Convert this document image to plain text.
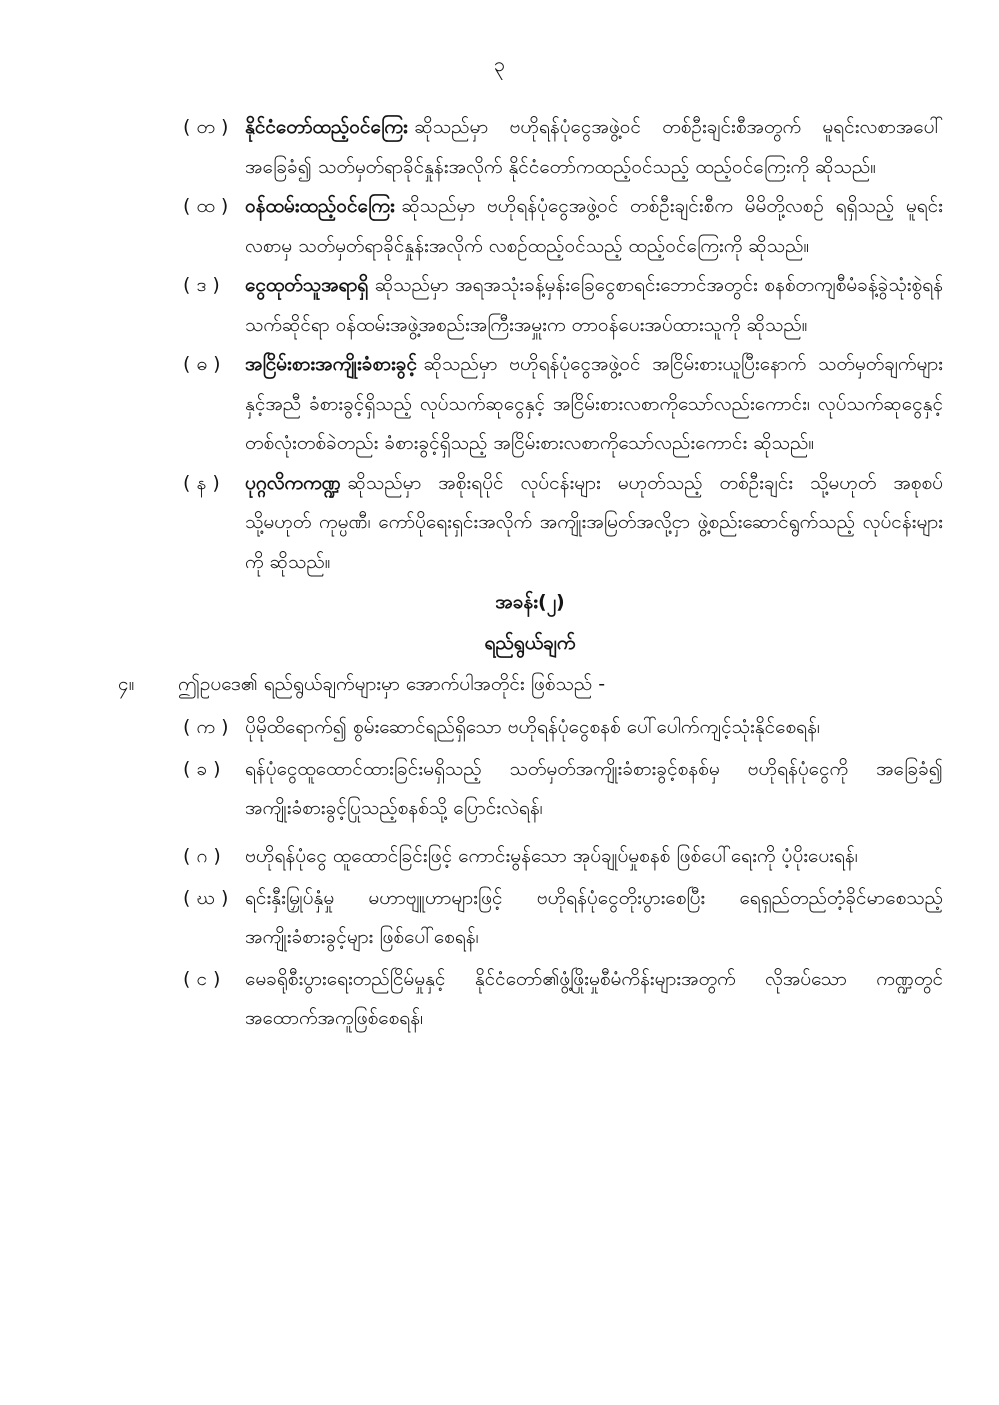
၃
( တ ) နိုင်ငံတော်ထည့်ဝင်ကြေး ဆိုသည်မှာ ဗဟိုရန်ပုံငွေအဖွဲ့ဝင် တစ်ဦးချင်းစီအတွက် မူရင်းလစာအပေါ်အခြေခံ၍ သတ်မှတ်ရာခိုင်နှုန်းအလိုက် နိုင်ငံတော်ကထည့်ဝင်သည့် ထည့်ဝင်ကြေးကို ဆိုသည်။
( ထ ) ဝန်ထမ်းထည့်ဝင်ကြေး ဆိုသည်မှာ ဗဟိုရန်ပုံငွေအဖွဲ့ဝင် တစ်ဦးချင်းစီက မိမိတို့လစဉ် ရရှိသည့် မူရင်းလစာမှ သတ်မှတ်ရာခိုင်နှုန်းအလိုက် လစဉ်ထည့်ဝင်သည့် ထည့်ဝင်ကြေးကို ဆိုသည်။
( ဒ )	ငွေထုတ်သူအရာရှိ ဆိုသည်မှာ အရအသုံးခန့်မှန်းခြေငွေစာရင်းဘောင်အတွင်း စနစ်တကျစီမံခန့်ခွဲသုံးစွဲရန် သက်ဆိုင်ရာ ဝန်ထမ်းအဖွဲ့အစည်းအကြီးအမှူးက တာဝန်ပေးအပ်ထားသူကို ဆိုသည်။
( ဓ )	အငြိမ်းစားအကျိုးခံစားခွင့် ဆိုသည်မှာ ဗဟိုရန်ပုံငွေအဖွဲ့ဝင် အငြိမ်းစားယူပြီးနောက် သတ်မှတ်ချက်များနှင့်အညီ ခံစားခွင့်ရှိသည့် လုပ်သက်ဆုငွေနှင့် အငြိမ်းစားလစာကိုသော်လည်းကောင်း၊ လုပ်သက်ဆုငွေနှင့် တစ်လုံးတစ်ခဲတည်း ခံစားခွင့်ရှိသည့် အငြိမ်းစားလစာကိုသော်လည်းကောင်း ဆိုသည်။
( န )	ပုဂ္ဂလိကကဏ္ဍ ဆိုသည်မှာ အစိုးရပိုင် လုပ်ငန်းများ မဟုတ်သည့် တစ်ဦးချင်း သို့မဟုတ် အစုစပ် သို့မဟုတ် ကုမ္ပဏီ၊ ကော်ပိုရေးရှင်းအလိုက် အကျိုးအမြတ်အလို့ငှာ ဖွဲ့စည်းဆောင်ရွက်သည့် လုပ်ငန်းများကို ဆိုသည်။
အခန်း(၂)
ရည်ရွယ်ချက်
၄။	ဤဥပဒေ၏ ရည်ရွယ်ချက်များမှာ အောက်ပါအတိုင်း ဖြစ်သည် -
( က ) ပိုမိုထိရောက်၍ စွမ်းဆောင်ရည်ရှိသော ဗဟိုရန်ပုံငွေစနစ် ပေါ်ပေါက်ကျင့်သုံးနိုင်စေရန်၊
( ခ )	ရန်ပုံငွေထူထောင်ထားခြင်းမရှိသည့် သတ်မှတ်အကျိုးခံစားခွင့်စနစ်မှ ဗဟိုရန်ပုံငွေကို အခြေခံ၍ အကျိုးခံစားခွင့်ပြုသည့်စနစ်သို့ ပြောင်းလဲရန်၊
( ဂ )	ဗဟိုရန်ပုံငွေ ထူထောင်ခြင်းဖြင့် ကောင်းမွန်သော အုပ်ချုပ်မှုစနစ် ဖြစ်ပေါ်ရေးကို ပံ့ပိုးပေးရန်၊
( ဃ ) ရင်းနှီးမြှုပ်နှံမှု မဟာဗျူဟာများဖြင့် ဗဟိုရန်ပုံငွေတိုးပွားစေပြီး ရေရှည်တည်တံ့ခိုင်မာစေသည့် အကျိုးခံစားခွင့်များ ဖြစ်ပေါ်စေရန်၊
( င )	မေခရိုစီးပွားရေးတည်ငြိမ်မှုနှင့် နိုင်ငံတော်၏ဖွံ့ဖြိုးမှုစီမံကိန်းများအတွက် လိုအပ်သော ကဏ္ဍတွင် အထောက်အကူဖြစ်စေရန်၊
